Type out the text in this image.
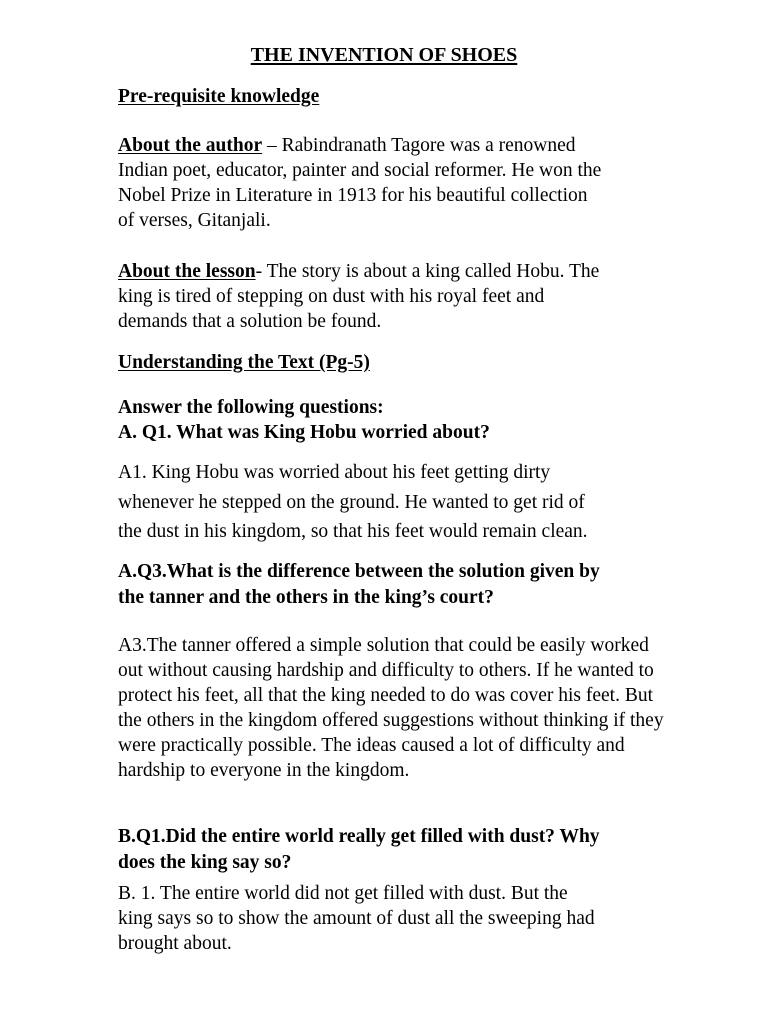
THE INVENTION OF SHOES
Pre-requisite knowledge
About the author – Rabindranath Tagore was a renowned
Indian poet, educator, painter and social reformer. He won the
Nobel Prize in Literature in 1913 for his beautiful collection
of verses, Gitanjali.
About the lesson- The story is about a king called Hobu. The
king is tired of stepping on dust with his royal feet and
demands that a solution be found.
Understanding the Text (Pg-5)
Answer the following questions:
A. Q1. What was King Hobu worried about?
A1. King Hobu was worried about his feet getting dirty
whenever he stepped on the ground. He wanted to get rid of
the dust in his kingdom, so that his feet would remain clean.
A.Q3.What is the difference between the solution given by
the tanner and the others in the king’s court?
A3.The tanner offered a simple solution that could be easily worked
out without causing hardship and difficulty to others. If he wanted to
protect his feet, all that the king needed to do was cover his feet. But
the others in the kingdom offered suggestions without thinking if they
were practically possible. The ideas caused a lot of difficulty and
hardship to everyone in the kingdom.
B.Q1.Did the entire world really get filled with dust? Why
does the king say so?
B. 1. The entire world did not get filled with dust. But the
king says so to show the amount of dust all the sweeping had
brought about.
